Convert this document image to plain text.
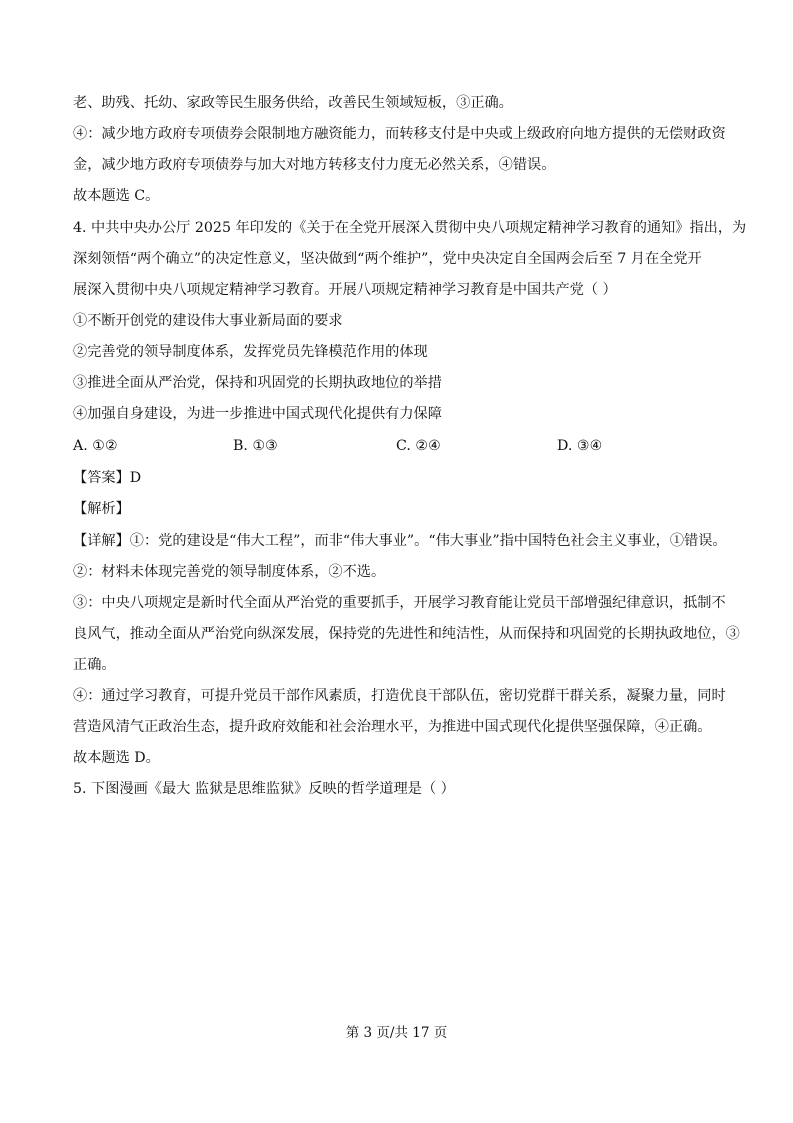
老、助残、托幼、家政等民生服务供给，改善民生领域短板，③正确。
④：减少地方政府专项债券会限制地方融资能力，而转移支付是中央或上级政府向地方提供的无偿财政资
金，减少地方政府专项债券与加大对地方转移支付力度无必然关系，④错误。
故本题选 C。
4. 中共中央办公厅 2025 年印发的《关于在全党开展深入贯彻中央八项规定精神学习教育的通知》指出，为
深刻领悟“两个确立”的决定性意义，坚决做到“两个维护”，党中央决定自全国两会后至 7 月在全党开
展深入贯彻中央八项规定精神学习教育。开展八项规定精神学习教育是中国共产党（ ）
①不断开创党的建设伟大事业新局面的要求
②完善党的领导制度体系，发挥党员先锋模范作用的体现
③推进全面从严治党，保持和巩固党的长期执政地位的举措
④加强自身建设，为进一步推进中国式现代化提供有力保障
A. ①②	B. ①③	C. ②④	D. ③④
【答案】D
【解析】
【详解】①：党的建设是“伟大工程”，而非“伟大事业”。“伟大事业”指中国特色社会主义事业，①错误。
②：材料未体现完善党的领导制度体系，②不选。
③：中央八项规定是新时代全面从严治党的重要抓手，开展学习教育能让党员干部增强纪律意识，抵制不
良风气，推动全面从严治党向纵深发展，保持党的先进性和纯洁性，从而保持和巩固党的长期执政地位，③
正确。
④：通过学习教育，可提升党员干部作风素质，打造优良干部队伍，密切党群干群关系，凝聚力量，同时
营造风清气正政治生态，提升政府效能和社会治理水平，为推进中国式现代化提供坚强保障，④正确。
故本题选 D。
5. 下图漫画《最大 监狱是思维监狱》反映的哲学道理是（ ）
第 3 页/共 17 页
